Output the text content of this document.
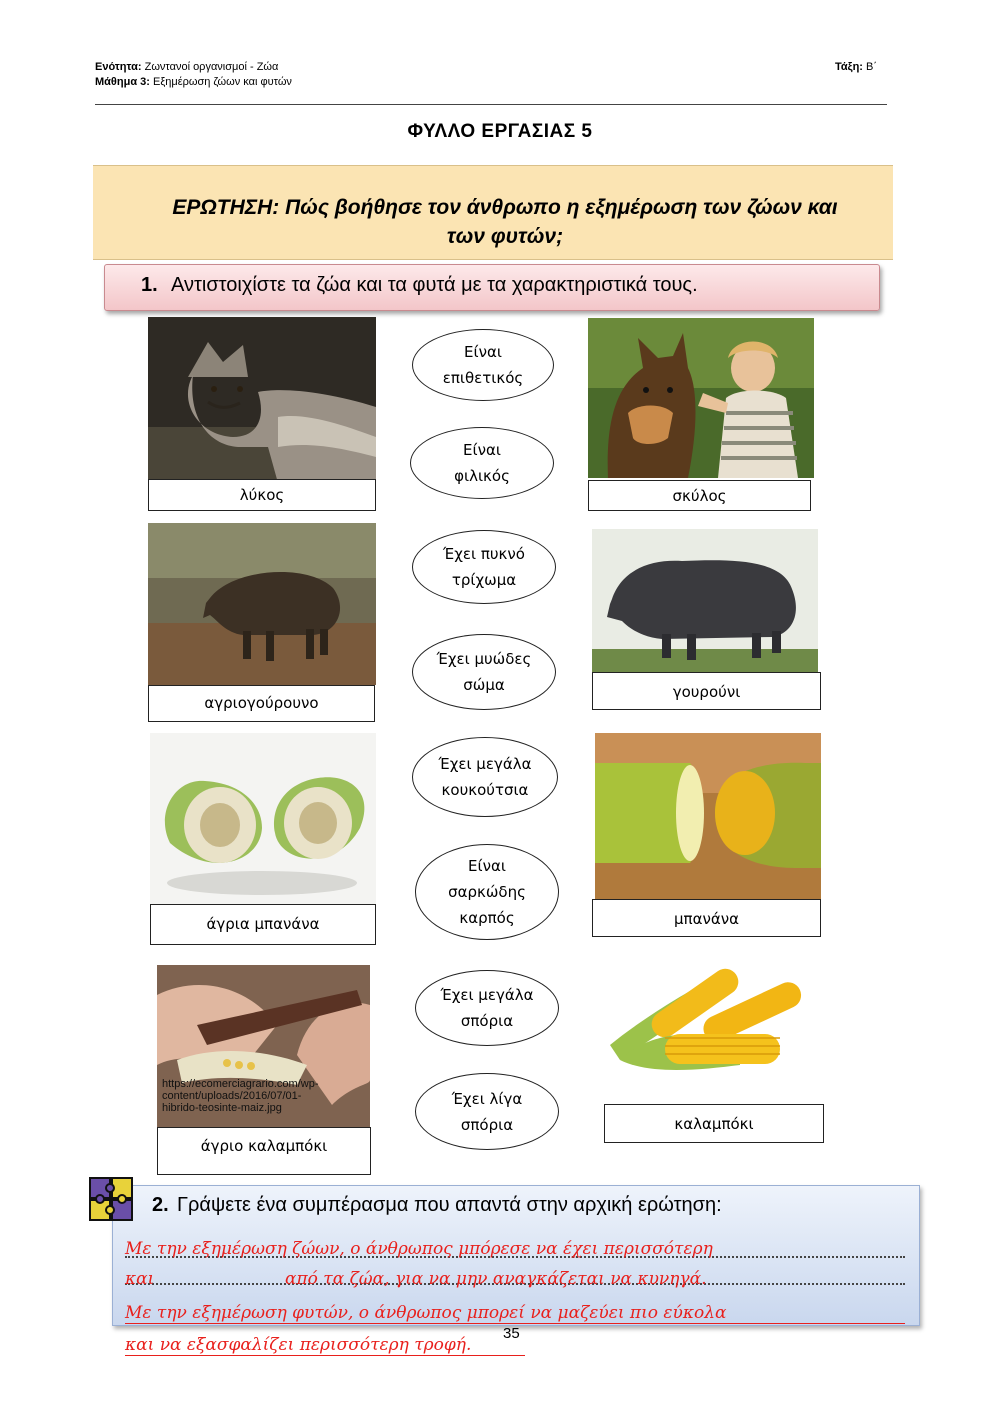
Ενότητα: Ζωντανοί οργανισμοί - Ζώα
Μάθημα 3: Εξημέρωση ζώων και φυτών
Τάξη: Β΄
ΦΥΛΛΟ ΕΡΓΑΣΙΑΣ 5
ΕΡΩΤΗΣΗ: Πώς βοήθησε τον άνθρωπο η εξημέρωση των ζώων και
των φυτών;
1. Αντιστοιχίστε τα ζώα και τα φυτά με τα χαρακτηριστικά τους.
λύκος
αγριογούρουνο
άγρια μπανάνα
https://ecomerciagrario.com/wp-
content/uploads/2016/07/01-
hibrido-teosinte-maiz.jpg
άγριο καλαμπόκι
σκύλος
γουρούνι
μπανάνα
καλαμπόκι
Είναι
επιθετικός
Είναι
φιλικός
Έχει πυκνό
τρίχωμα
Έχει μυώδες
σώμα
Έχει μεγάλα
κουκούτσια
Είναι
σαρκώδης
καρπός
Έχει μεγάλα
σπόρια
Έχει λίγα
σπόρια
2. Γράψετε ένα συμπέρασμα που απαντά στην αρχική ερώτηση:
Με την εξημέρωση ζώων, ο άνθρωπος μπόρεσε να έχει περισσότερη
και	από τα ζώα, για να μην αναγκάζεται να κυνηγά.
Με την εξημέρωση φυτών, ο άνθρωπος μπορεί να μαζεύει πιο εύκολα
και να εξασφαλίζει περισσότερη τροφή.
35
